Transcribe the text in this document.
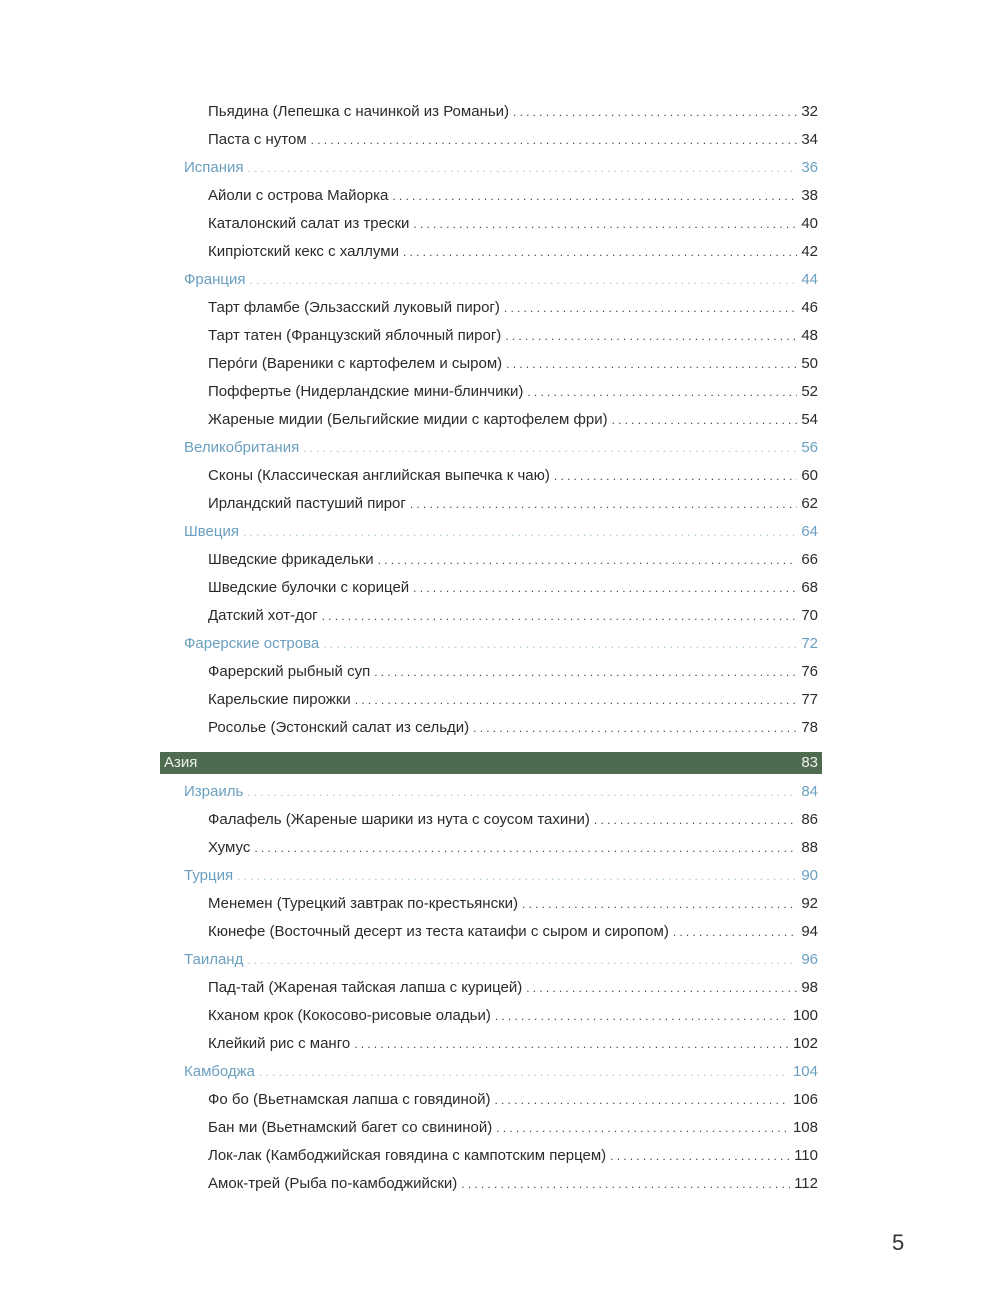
Пьядина (Лепешка с начинкой из Романьи) .....	32
Паста с нутом .....	34
Испания .....	36
Айоли с острова Майорка .....	38
Каталонский салат из трески .....	40
Кипрiотский кекс с халлуми .....	42
Франция .....	44
Тарт фламбе (Эльзасский луковый пирог) .....	46
Тарт татен (Французский яблочный пирог) .....	48
Перо́ги (Вареники с картофелем и сыром) .....	50
Поффертье (Нидерландские мини-блинчики) .....	52
Жареные мидии (Бельгийские мидии с картофелем фри) .....	54
Великобритания .....	56
Сконы (Классическая английская выпечка к чаю) .....	60
Ирландский пастуший пирог .....	62
Швеция .....	64
Шведские фрикадельки .....	66
Шведские булочки с корицей .....	68
Датский хот-дог .....	70
Фарерские острова .....	72
Фарерский рыбный суп .....	76
Карельские пирожки .....	77
Росолье (Эстонский салат из сельди) .....	78
Азия	83
Израиль .....	84
Фалафель (Жареные шарики из нута с соусом тахини) .....	86
Хумус .....	88
Турция .....	90
Менемен (Турецкий завтрак по-крестьянски) .....	92
Кюнефе (Восточный десерт из теста катаифи с сыром и сиропом) .....	94
Таиланд .....	96
Пад-тай (Жареная тайская лапша с курицей) .....	98
Кханом крок (Кокосово-рисовые оладьи) .....	100
Клейкий рис с манго .....	102
Камбоджа .....	104
Фо бо (Вьетнамская лапша с говядиной) .....	106
Бан ми (Вьетнамский багет со свининой) .....	108
Лок-лак (Камбоджийская говядина с кампотским перцем) .....	110
Амок-трей (Рыба по-камбоджийски) .....	112
5
